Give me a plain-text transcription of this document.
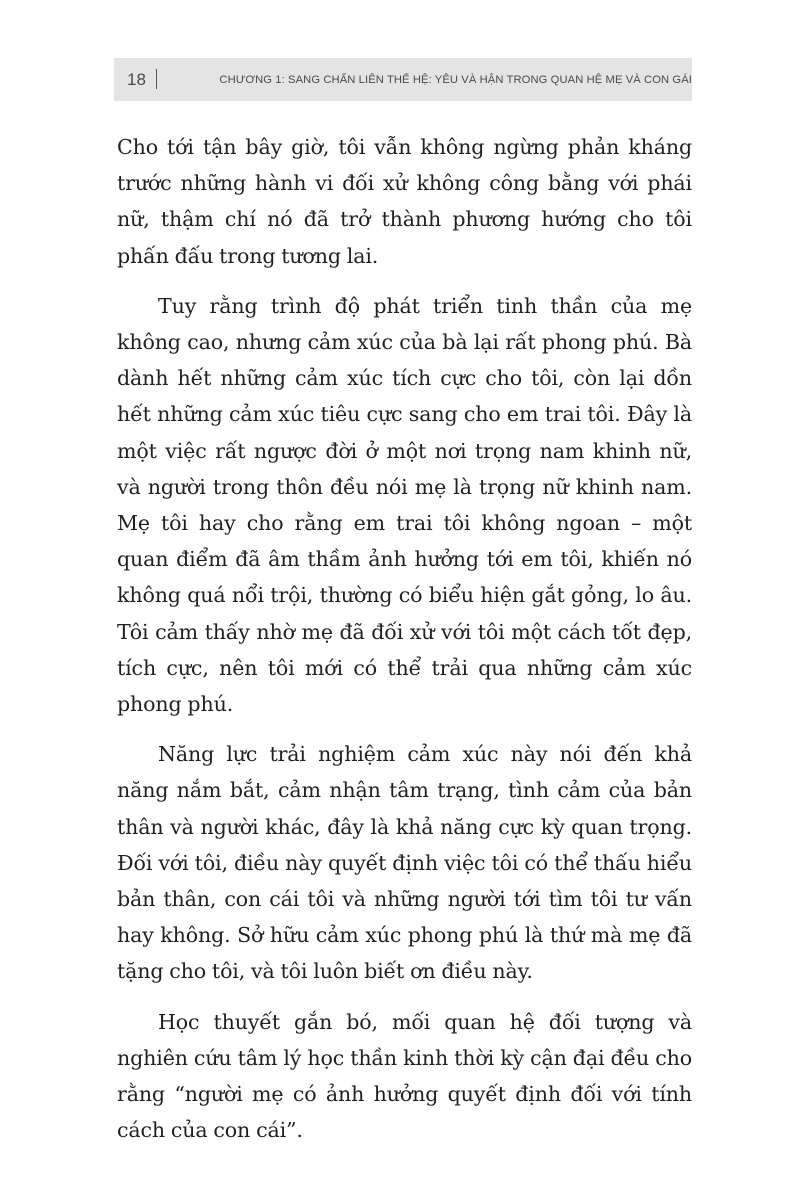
18	CHƯƠNG 1: SANG CHẤN LIÊN THẾ HỆ: YÊU VÀ HẬN TRONG QUAN HỆ MẸ VÀ CON GÁI

Cho tới tận bây giờ, tôi vẫn không ngừng phản kháng trước những hành vi đối xử không công bằng với phái nữ, thậm chí nó đã trở thành phương hướng cho tôi phấn đấu trong tương lai.

Tuy rằng trình độ phát triển tinh thần của mẹ không cao, nhưng cảm xúc của bà lại rất phong phú. Bà dành hết những cảm xúc tích cực cho tôi, còn lại dồn hết những cảm xúc tiêu cực sang cho em trai tôi. Đây là một việc rất ngược đời ở một nơi trọng nam khinh nữ, và người trong thôn đều nói mẹ là trọng nữ khinh nam. Mẹ tôi hay cho rằng em trai tôi không ngoan – một quan điểm đã âm thầm ảnh hưởng tới em tôi, khiến nó không quá nổi trội, thường có biểu hiện gắt gỏng, lo âu. Tôi cảm thấy nhờ mẹ đã đối xử với tôi một cách tốt đẹp, tích cực, nên tôi mới có thể trải qua những cảm xúc phong phú.

Năng lực trải nghiệm cảm xúc này nói đến khả năng nắm bắt, cảm nhận tâm trạng, tình cảm của bản thân và người khác, đây là khả năng cực kỳ quan trọng. Đối với tôi, điều này quyết định việc tôi có thể thấu hiểu bản thân, con cái tôi và những người tới tìm tôi tư vấn hay không. Sở hữu cảm xúc phong phú là thứ mà mẹ đã tặng cho tôi, và tôi luôn biết ơn điều này.

Học thuyết gắn bó, mối quan hệ đối tượng và nghiên cứu tâm lý học thần kinh thời kỳ cận đại đều cho rằng “người mẹ có ảnh hưởng quyết định đối với tính cách của con cái”.
